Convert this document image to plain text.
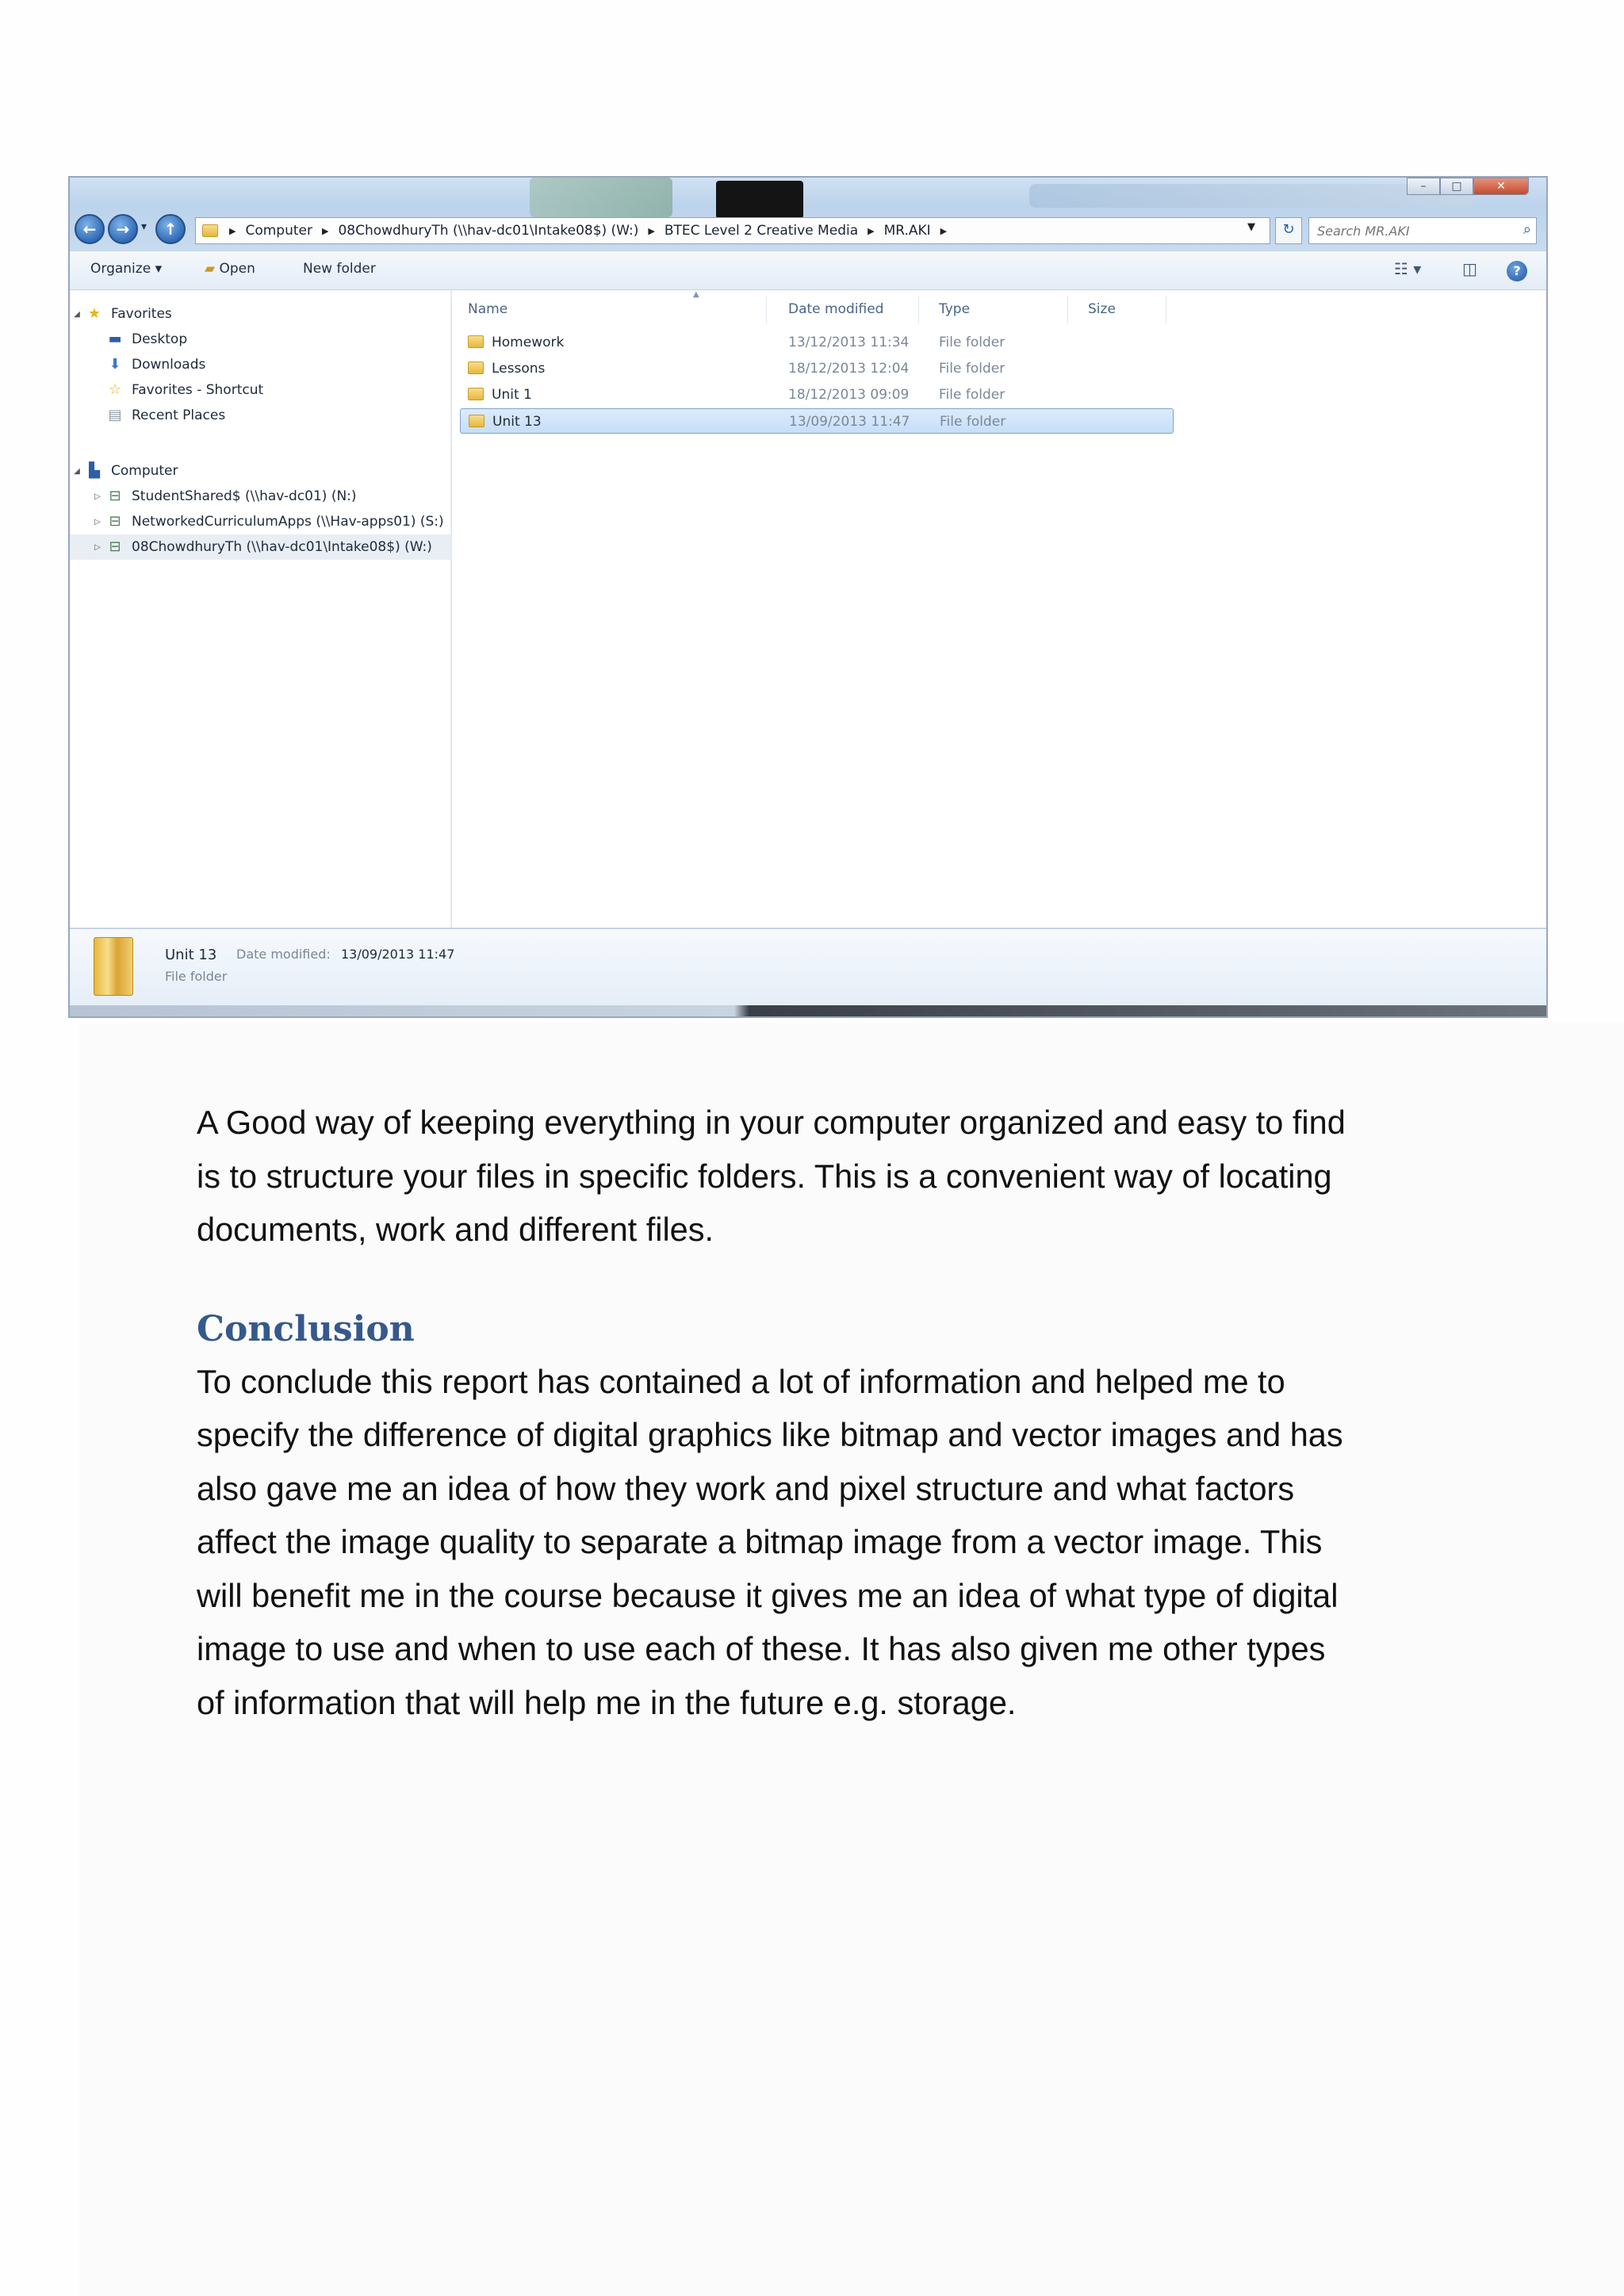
–	□	✕
←	→	▾	↑	▶ Computer ▶ 08ChowdhuryTh (\\hav-dc01\Intake08$) (W:) ▶ BTEC Level 2 Creative Media ▶ MR.AKI ▶	▼	↻
Search MR.AKI	⌕
Organize ▾	▰ Open	New folder	☷ ▾	◫	?
◢ ★ Favorites
▬ Desktop
⬇ Downloads
☆ Favorites - Shortcut
▤ Recent Places
◢ ▙ Computer
▷ ⊟ StudentShared$ (\\hav-dc01) (N:)
▷ ⊟ NetworkedCurriculumApps (\\Hav-apps01) (S:)
▷ ⊟ 08ChowdhuryTh (\\hav-dc01\Intake08$) (W:)
▲
Name	Date modified	Type	Size
Homework	13/12/2013 11:34 File folder
Lessons	18/12/2013 12:04 File folder
Unit 1	18/12/2013 09:09 File folder
Unit 13	13/09/2013 11:47 File folder
Unit 13 Date modified: 13/09/2013 11:47
File folder

A Good way of keeping everything in your computer organized and easy to find
is to structure your files in specific folders. This is a convenient way of locating
documents, work and different files.

Conclusion

To conclude this report has contained a lot of information and helped me to
specify the difference of digital graphics like bitmap and vector images and has
also gave me an idea of how they work and pixel structure and what factors
affect the image quality to separate a bitmap image from a vector image. This
will benefit me in the course because it gives me an idea of what type of digital
image to use and when to use each of these. It has also given me other types
of information that will help me in the future e.g. storage.
